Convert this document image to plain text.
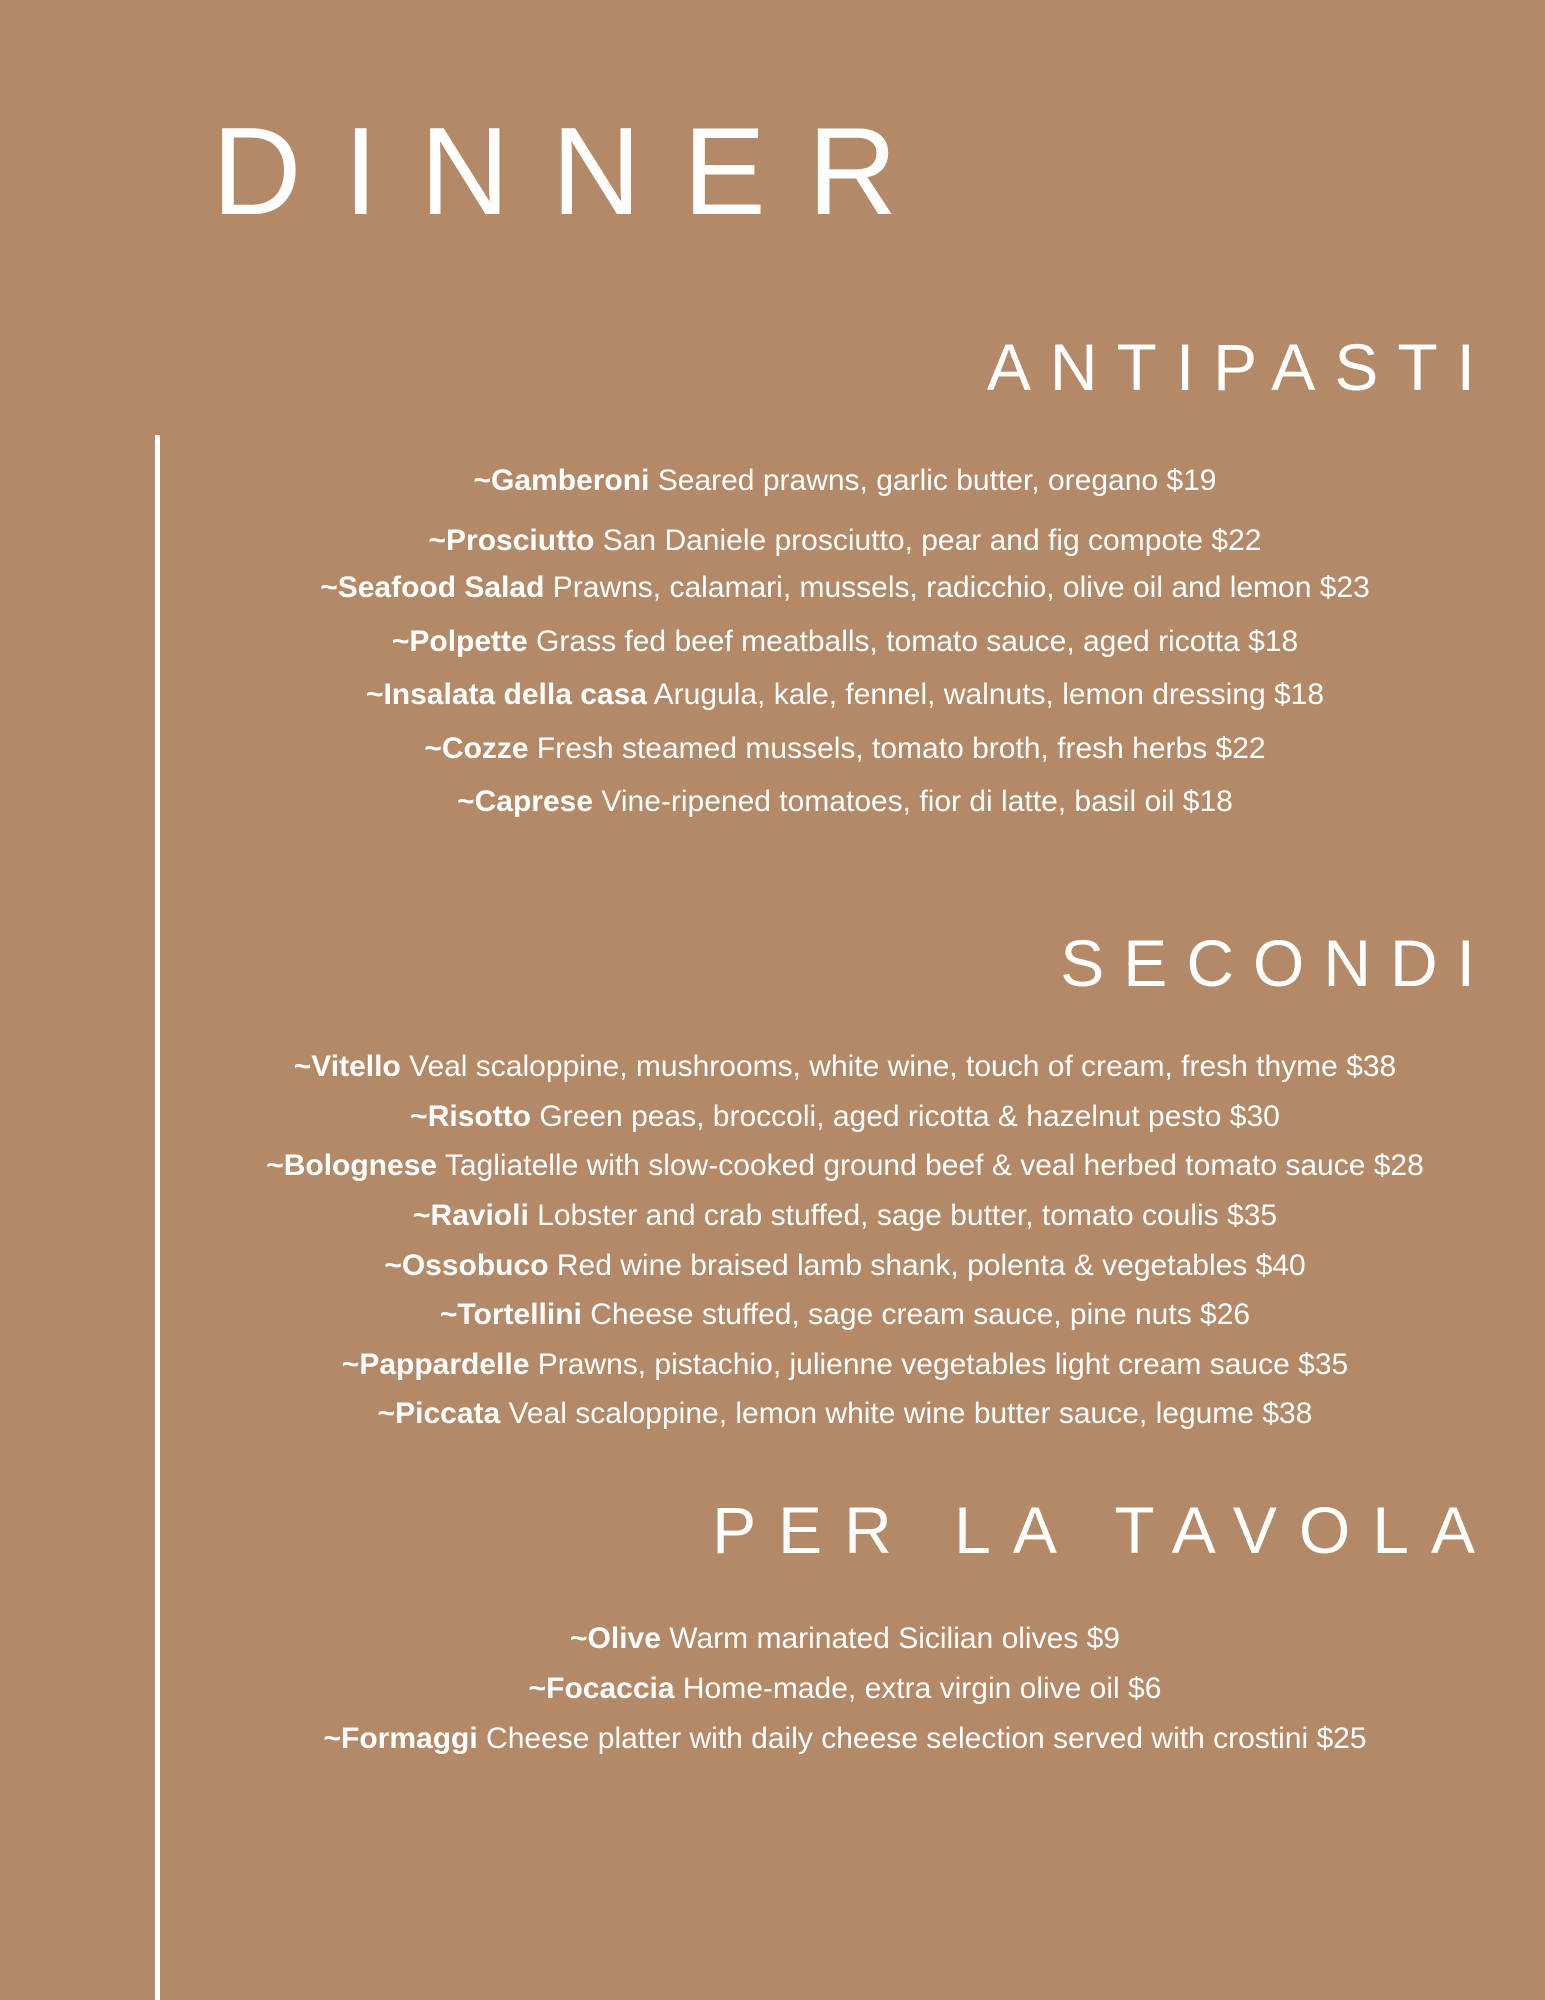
DINNER
ANTIPASTI
~Gamberoni Seared prawns, garlic butter, oregano $19
~Prosciutto San Daniele prosciutto, pear and fig compote $22
~Seafood Salad Prawns, calamari, mussels, radicchio, olive oil and lemon $23
~Polpette Grass fed beef meatballs, tomato sauce, aged ricotta $18
~Insalata della casa Arugula, kale, fennel, walnuts, lemon dressing $18
~Cozze Fresh steamed mussels, tomato broth, fresh herbs $22
~Caprese Vine-ripened tomatoes, fior di latte, basil oil $18
SECONDI
~Vitello Veal scaloppine, mushrooms, white wine, touch of cream, fresh thyme $38
~Risotto Green peas, broccoli, aged ricotta & hazelnut pesto $30
~Bolognese Tagliatelle with slow-cooked ground beef & veal herbed tomato sauce $28
~Ravioli Lobster and crab stuffed, sage butter, tomato coulis $35
~Ossobuco Red wine braised lamb shank, polenta & vegetables $40
~Tortellini Cheese stuffed, sage cream sauce, pine nuts $26
~Pappardelle Prawns, pistachio, julienne vegetables light cream sauce $35
~Piccata Veal scaloppine, lemon white wine butter sauce, legume $38
PER LA TAVOLA
~Olive Warm marinated Sicilian olives $9
~Focaccia Home-made, extra virgin olive oil $6
~Formaggi Cheese platter with daily cheese selection served with crostini $25
